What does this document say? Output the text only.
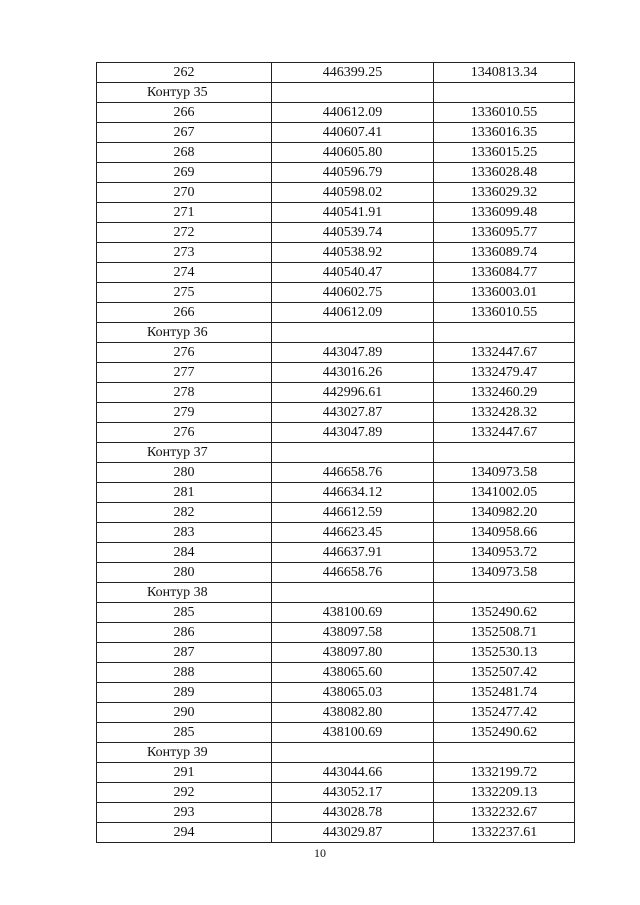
262	446399.25	1340813.34
Контур 35		
266	440612.09	1336010.55
267	440607.41	1336016.35
268	440605.80	1336015.25
269	440596.79	1336028.48
270	440598.02	1336029.32
271	440541.91	1336099.48
272	440539.74	1336095.77
273	440538.92	1336089.74
274	440540.47	1336084.77
275	440602.75	1336003.01
266	440612.09	1336010.55
Контур 36		
276	443047.89	1332447.67
277	443016.26	1332479.47
278	442996.61	1332460.29
279	443027.87	1332428.32
276	443047.89	1332447.67
Контур 37		
280	446658.76	1340973.58
281	446634.12	1341002.05
282	446612.59	1340982.20
283	446623.45	1340958.66
284	446637.91	1340953.72
280	446658.76	1340973.58
Контур 38		
285	438100.69	1352490.62
286	438097.58	1352508.71
287	438097.80	1352530.13
288	438065.60	1352507.42
289	438065.03	1352481.74
290	438082.80	1352477.42
285	438100.69	1352490.62
Контур 39		
291	443044.66	1332199.72
292	443052.17	1332209.13
293	443028.78	1332232.67
294	443029.87	1332237.61
10
